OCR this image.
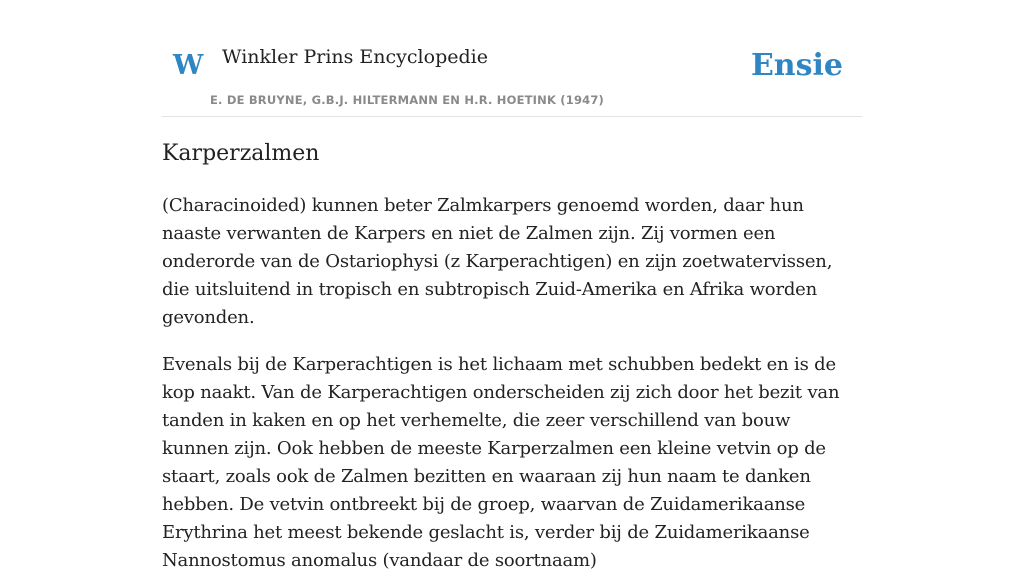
W Winkler Prins Encyclopedie
E. DE BRUYNE, G.B.J. HILTERMANN EN H.R. HOETINK (1947)
Ensie
Karperzalmen

(Characinoided) kunnen beter Zalmkarpers genoemd worden, daar hun naaste verwanten de Karpers en niet de Zalmen zijn. Zij vormen een onderorde van de Ostariophysi (z Karperachtigen) en zijn zoetwatervissen, die uitsluitend in tropisch en subtropisch Zuid-Amerika en Afrika worden gevonden.

Evenals bij de Karperachtigen is het lichaam met schubben bedekt en is de kop naakt. Van de Karperachtigen onderscheiden zij zich door het bezit van tanden in kaken en op het verhemelte, die zeer verschillend van bouw kunnen zijn. Ook hebben de meeste Karperzalmen een kleine vetvin op de staart, zoals ook de Zalmen bezitten en waaraan zij hun naam te danken hebben. De vetvin ontbreekt bij de groep, waarvan de Zuidamerikaanse Erythrina het meest bekende geslacht is, verder bij de Zuidamerikaanse Nannostomus anomalus (vandaar de soortnaam)
